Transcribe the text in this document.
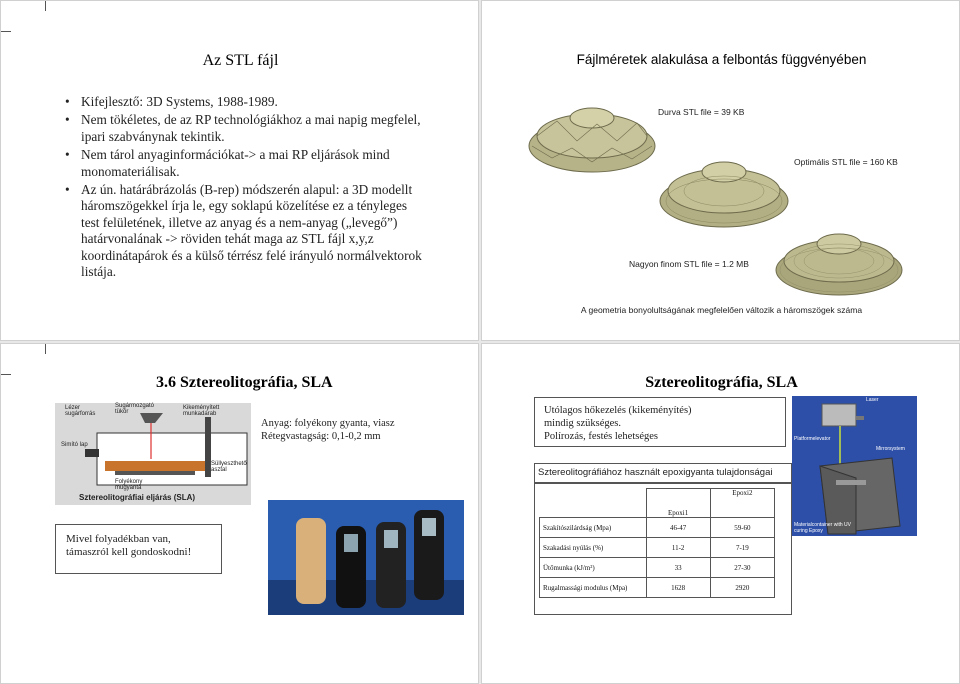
Az STL fájl
• Kifejlesztő: 3D Systems, 1988-1989.
• Nem tökéletes, de az RP technológiákhoz a mai napig megfelel, ipari szabványnak tekintik.
• Nem tárol anyaginformációkat-> a mai RP eljárások mind monomateriálisak.
• Az ún. határábrázolás (B-rep) módszerén alapul: a 3D modellt háromszögekkel írja le, egy soklapú közelítése ez a tényleges test felületének, illetve az anyag és a nem-anyag („levegő”) határvonalának -> röviden tehát maga az STL fájl x,y,z koordinátapárok és a külső térrész felé irányuló normálvektorok listája.
Fájlméretek alakulása a felbontás függvényében
Durva STL file = 39 KB
Optimális STL file = 160 KB
Nagyon finom STL file = 1.2 MB
A geometria bonyolultságának megfelelően változik a háromszögek száma
3.6 Sztereolitográfia, SLA
Lézer sugárforrás
Sugármozgató tükör
Kikeményített munkadarab
Simító lap
Süllyeszthető asztal
Folyékony műgyanta
Sztereolitográfiai eljárás (SLA)
Anyag: folyékony gyanta, viasz
Rétegvastagság: 0,1-0,2 mm
Mivel folyadékban van, támaszról kell gondoskodni!
Sztereolitográfia, SLA
Utólagos hőkezelés (kikeményítés)
mindig szükséges.
Polírozás, festés lehetséges
Sztereolitográfiához használt epoxigyanta tulajdonságai
	Epoxi1	Epoxi2
Szakítószilárdság (Mpa)	46-47	59-60
Szakadási nyúlás (%)	11-2	7-19
Ütőmunka (kJ/m²)	33	27-30
Rugalmassági modulus (Mpa)	1628	2920
Laser
Platformelevator
Mirrorsystem
Materialcontainer with UV curing Epoxy
